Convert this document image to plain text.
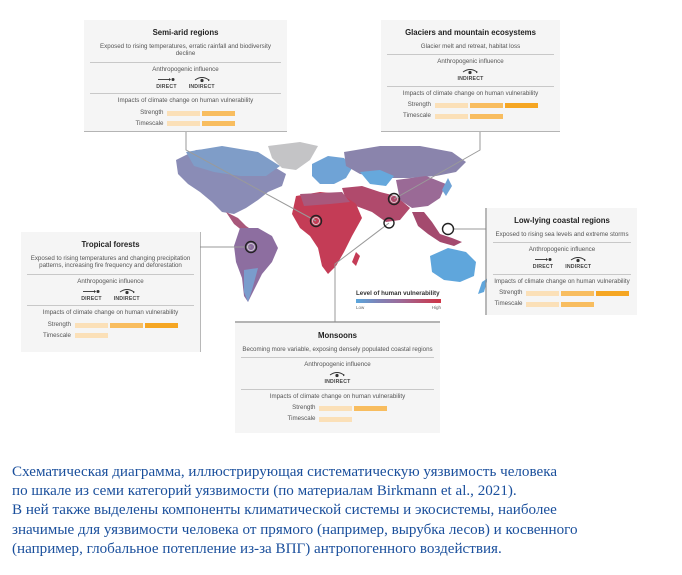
Semi-arid regions
Exposed to rising temperatures, erratic rainfall and biodiversity decline
Anthropogenic influence
DIRECT INDIRECT
Impacts of climate change on human vulnerability
Strength
Timescale
Glaciers and mountain ecosystems
Glacier melt and retreat, habitat loss
Anthropogenic influence
INDIRECT
Impacts of climate change on human vulnerability
Strength
Timescale
Tropical forests
Exposed to rising temperatures and changing precipitation patterns, increasing fire frequency and deforestation
Anthropogenic influence
DIRECT INDIRECT
Impacts of climate change on human vulnerability
Strength
Timescale
Low-lying coastal regions
Exposed to rising sea levels and extreme storms
Anthropogenic influence
DIRECT INDIRECT
Impacts of climate change on human vulnerability
Strength
Timescale
Monsoons
Becoming more variable, exposing densely populated coastal regions
Anthropogenic influence
INDIRECT
Impacts of climate change on human vulnerability
Strength
Timescale
Level of human vulnerability
Low	High
Схематическая диаграмма, иллюстрирующая систематическую уязвимость человека
по шкале из семи категорий уязвимости (по материалам Birkmann et al., 2021).
В ней также выделены компоненты климатической системы и экосистемы, наиболее
значимые для уязвимости человека от прямого (например, вырубка лесов) и косвенного
(например, глобальное потепление из-за ВПГ) антропогенного воздействия.
